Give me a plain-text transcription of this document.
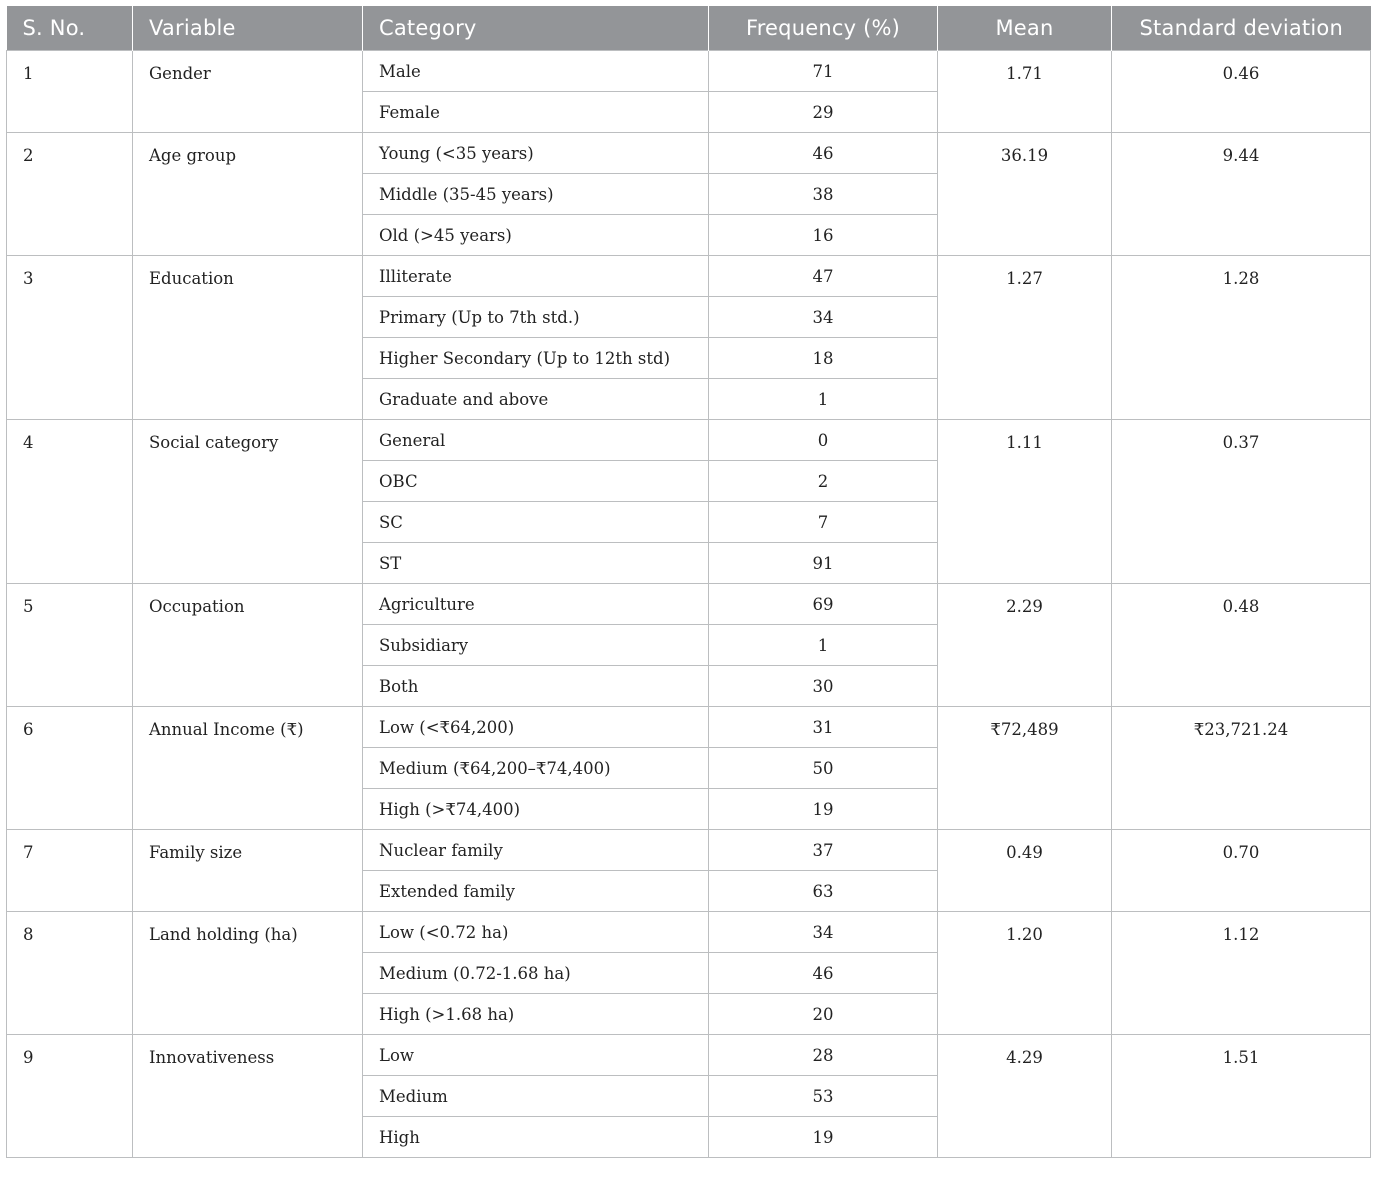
S. No.	Variable	Category	Frequency (%)	Mean	Standard deviation
1	Gender	Male	71	1.71	0.46
		Female	29		
2	Age group	Young (<35 years)	46	36.19	9.44
		Middle (35-45 years)	38		
		Old (>45 years)	16		
3	Education	Illiterate	47	1.27	1.28
		Primary (Up to 7th std.)	34		
		Higher Secondary (Up to 12th std)	18		
		Graduate and above	1		
4	Social category	General	0	1.11	0.37
		OBC	2		
		SC	7		
		ST	91		
5	Occupation	Agriculture	69	2.29	0.48
		Subsidiary	1		
		Both	30		
6	Annual Income (₹)	Low (<₹64,200)	31	₹72,489	₹23,721.24
		Medium (₹64,200–₹74,400)	50		
		High (>₹74,400)	19		
7	Family size	Nuclear family	37	0.49	0.70
		Extended family	63		
8	Land holding (ha)	Low (<0.72 ha)	34	1.20	1.12
		Medium (0.72-1.68 ha)	46		
		High (>1.68 ha)	20		
9	Innovativeness	Low	28	4.29	1.51
		Medium	53		
		High	19		
